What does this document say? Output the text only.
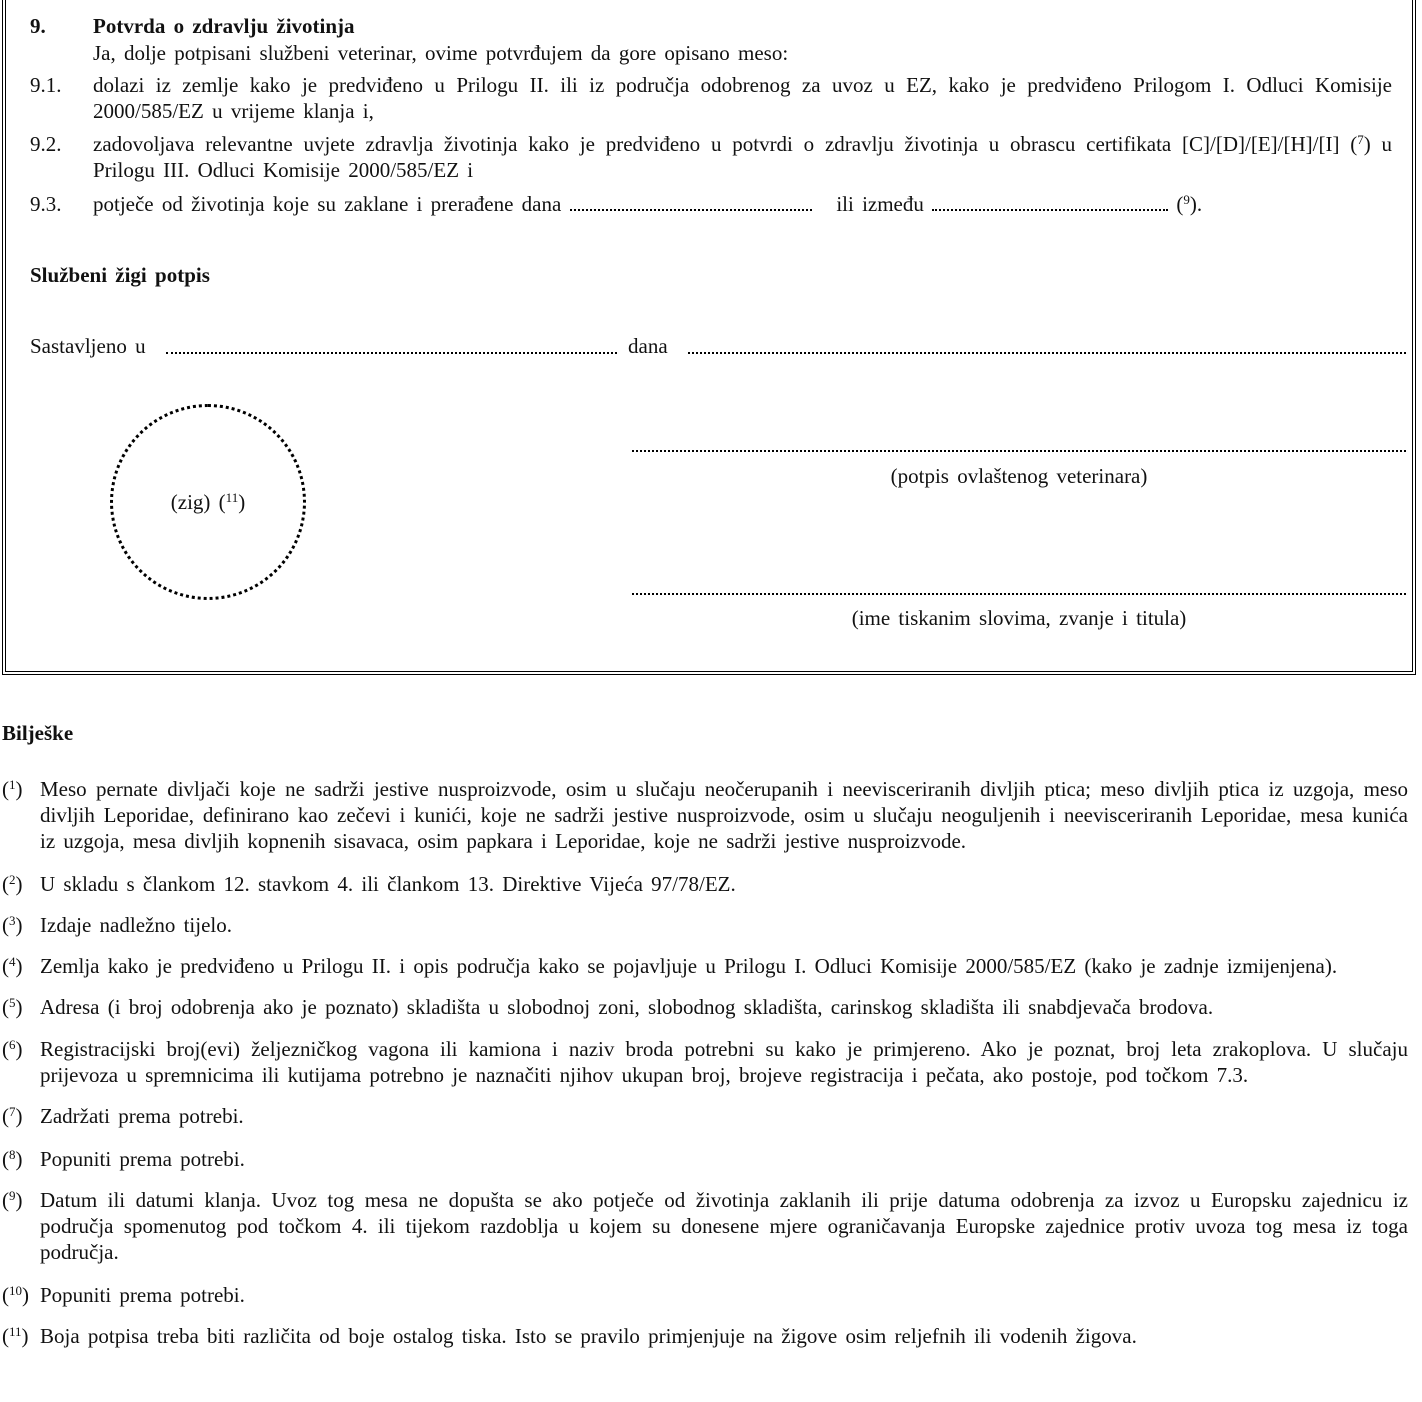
9. Potvrda o zdravlju životinja
Ja, dolje potpisani službeni veterinar, ovime potvrđujem da gore opisano meso:
9.1. dolazi iz zemlje kako je predviđeno u Prilogu II. ili iz područja odobrenog za uvoz u EZ, kako je predviđeno Prilogom I. Odluci Komisije 2000/585/EZ u vrijeme klanja i,
9.2. zadovoljava relevantne uvjete zdravlja životinja kako je predviđeno u potvrdi o zdravlju životinja u obrascu certifikata [C]/[D]/[E]/[H]/[I] ($^7$) u Prilogu III. Odluci Komisije 2000/585/EZ i
9.3. potječe od životinja koje su zaklane i prerađene dana	ili između	($^9$).
Službeni žigi potpis
Sastavljeno u	dana
(zig) ($^{11}$)
(potpis ovlaštenog veterinara)
(ime tiskanim slovima, zvanje i titula)
Bilješke
($^1$) Meso pernate divljači koje ne sadrži jestive nusproizvode, osim u slučaju neočerupanih i neevisceriranih divljih ptica; meso divljih ptica iz uzgoja, meso divljih Leporidae, definirano kao zečevi i kunići, koje ne sadrži jestive nusproizvode, osim u slučaju neoguljenih i neevisceriranih Leporidae, mesa kunića iz uzgoja, mesa divljih kopnenih sisavaca, osim papkara i Leporidae, koje ne sadrži jestive nusproizvode.
($^2$) U skladu s člankom 12. stavkom 4. ili člankom 13. Direktive Vijeća 97/78/EZ.
($^3$) Izdaje nadležno tijelo.
($^4$) Zemlja kako je predviđeno u Prilogu II. i opis područja kako se pojavljuje u Prilogu I. Odluci Komisije 2000/585/EZ (kako je zadnje izmijenjena).
($^5$) Adresa (i broj odobrenja ako je poznato) skladišta u slobodnoj zoni, slobodnog skladišta, carinskog skladišta ili snabdjevača brodova.
($^6$) Registracijski broj(evi) željezničkog vagona ili kamiona i naziv broda potrebni su kako je primjereno. Ako je poznat, broj leta zrakoplova. U slučaju prijevoza u spremnicima ili kutijama potrebno je naznačiti njihov ukupan broj, brojeve registracija i pečata, ako postoje, pod točkom 7.3.
($^7$) Zadržati prema potrebi.
($^8$) Popuniti prema potrebi.
($^9$) Datum ili datumi klanja. Uvoz tog mesa ne dopušta se ako potječe od životinja zaklanih ili prije datuma odobrenja za izvoz u Europsku zajednicu iz područja spomenutog pod točkom 4. ili tijekom razdoblja u kojem su donesene mjere ograničavanja Europske zajednice protiv uvoza tog mesa iz toga područja.
($^{10}$) Popuniti prema potrebi.
($^{11}$) Boja potpisa treba biti različita od boje ostalog tiska. Isto se pravilo primjenjuje na žigove osim reljefnih ili vodenih žigova.
